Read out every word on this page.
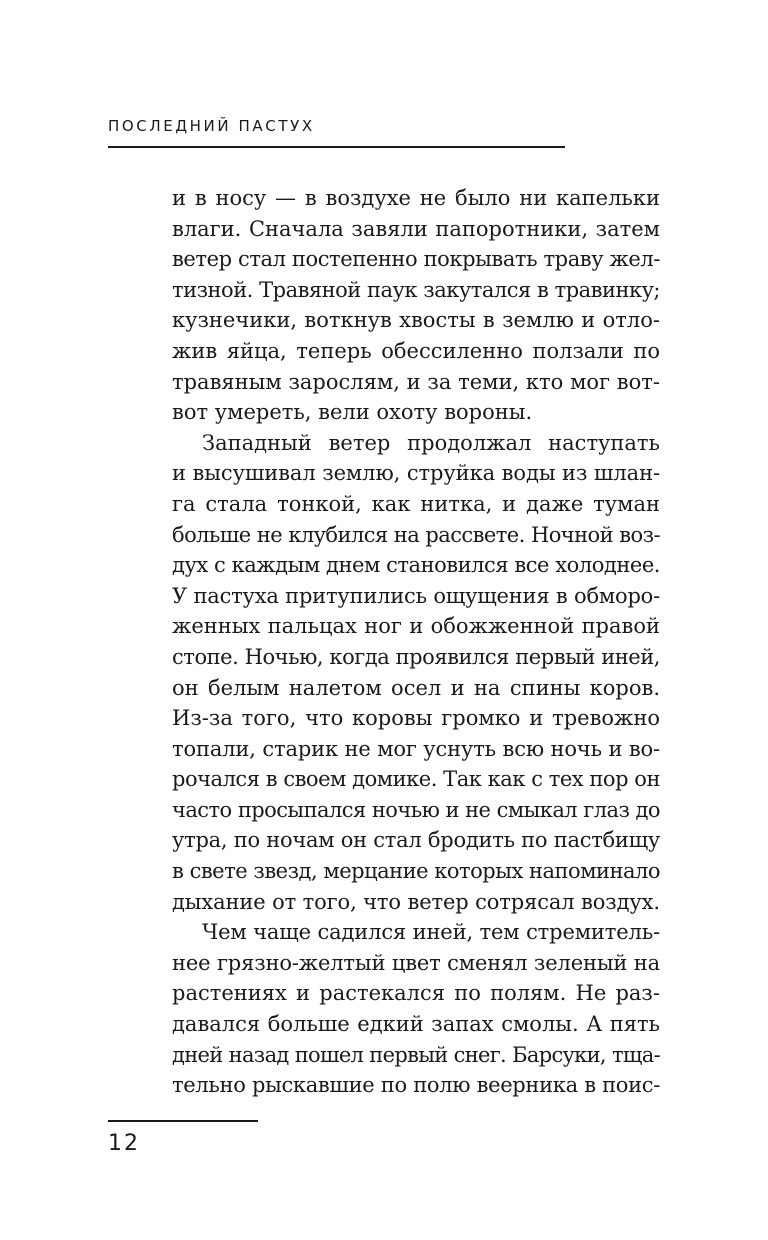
ПОСЛЕДНИЙ ПАСТУХ
и в носу — в воздухе не было ни капельки
влаги. Сначала завяли папоротники, затем
ветер стал постепенно покрывать траву жел-
тизной. Травяной паук закутался в травинку;
кузнечики, воткнув хвосты в землю и отло-
жив яйца, теперь обессиленно ползали по
травяным зарослям, и за теми, кто мог вот-
вот умереть, вели охоту вороны.
Западный ветер продолжал наступать
и высушивал землю, струйка воды из шлан-
га стала тонкой, как нитка, и даже туман
больше не клубился на рассвете. Ночной воз-
дух с каждым днем становился все холоднее.
У пастуха притупились ощущения в обморо-
женных пальцах ног и обожженной правой
стопе. Ночью, когда проявился первый иней,
он белым налетом осел и на спины коров.
Из-за того, что коровы громко и тревожно
топали, старик не мог уснуть всю ночь и во-
рочался в своем домике. Так как с тех пор он
часто просыпался ночью и не смыкал глаз до
утра, по ночам он стал бродить по пастбищу
в свете звезд, мерцание которых напоминало
дыхание от того, что ветер сотрясал воздух.
Чем чаще садился иней, тем стремитель-
нее грязно-желтый цвет сменял зеленый на
растениях и растекался по полям. Не раз-
давался больше едкий запах смолы. А пять
дней назад пошел первый снег. Барсуки, тща-
тельно рыскавшие по полю веерника в поис-
12
